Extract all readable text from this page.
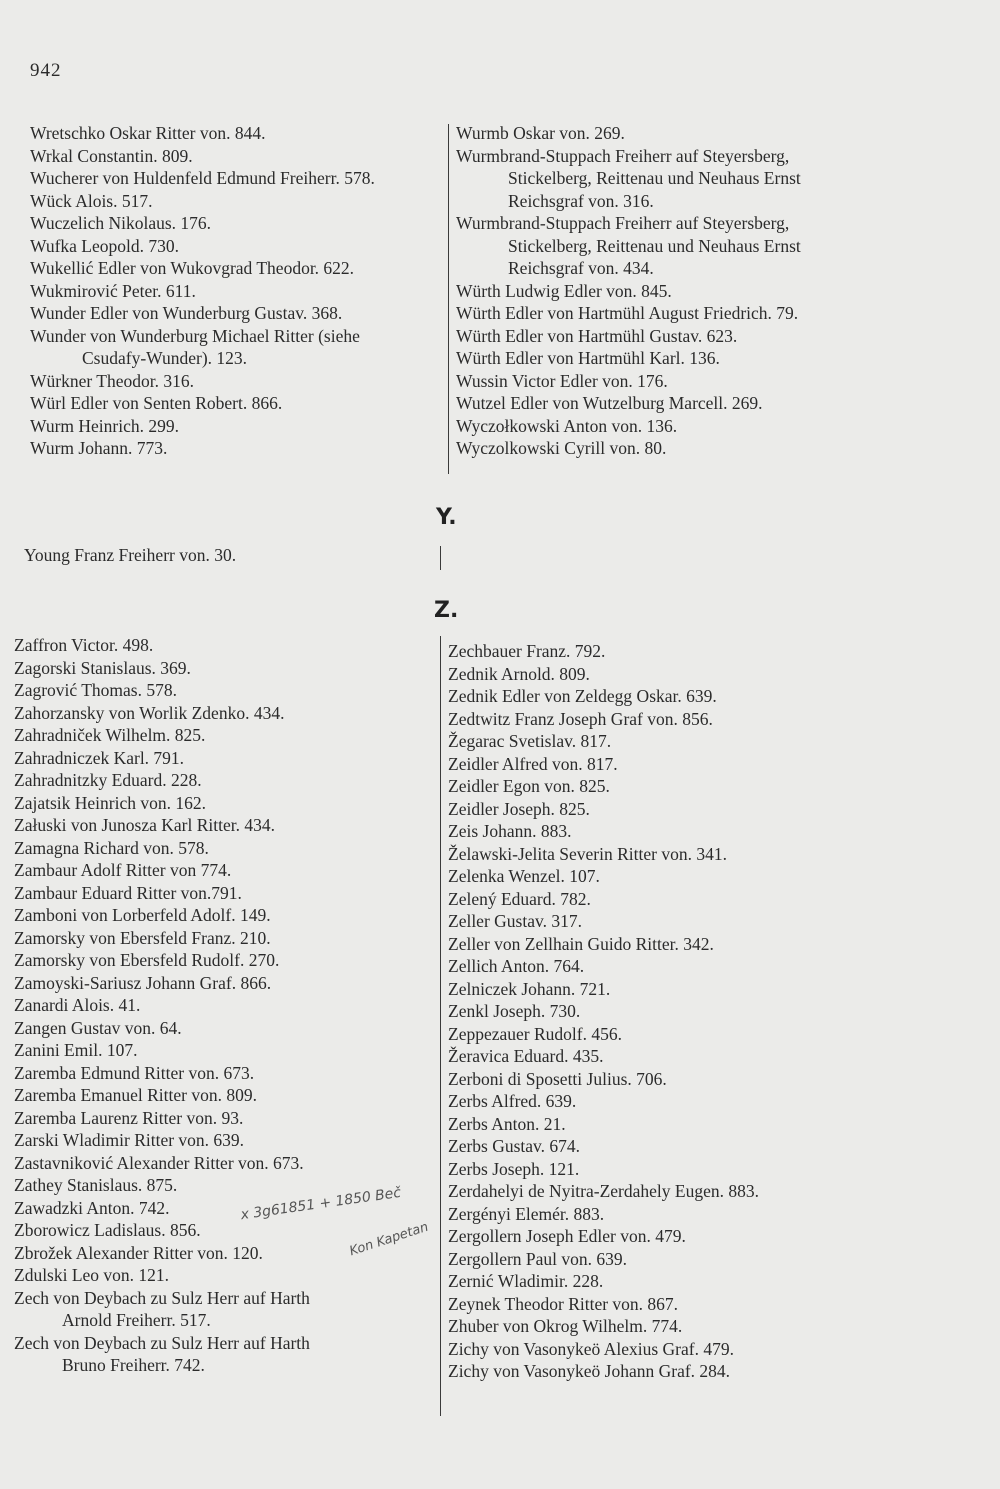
942
Wretschko Oskar Ritter von. 844.
Wrkal Constantin. 809.
Wucherer von Huldenfeld Edmund Freiherr. 578.
Wück Alois. 517.
Wuczelich Nikolaus. 176.
Wufka Leopold. 730.
Wukellić Edler von Wukovgrad Theodor. 622.
Wukmirović Peter. 611.
Wunder Edler von Wunderburg Gustav. 368.
Wunder von Wunderburg Michael Ritter (siehe
Csudafy-Wunder). 123.
Würkner Theodor. 316.
Würl Edler von Senten Robert. 866.
Wurm Heinrich. 299.
Wurm Johann. 773.
Wurmb Oskar von. 269.
Wurmbrand-Stuppach Freiherr auf Steyersberg,
Stickelberg, Reittenau und Neuhaus Ernst
Reichsgraf von. 316.
Wurmbrand-Stuppach Freiherr auf Steyersberg,
Stickelberg, Reittenau und Neuhaus Ernst
Reichsgraf von. 434.
Würth Ludwig Edler von. 845.
Würth Edler von Hartmühl August Friedrich. 79.
Würth Edler von Hartmühl Gustav. 623.
Würth Edler von Hartmühl Karl. 136.
Wussin Victor Edler von. 176.
Wutzel Edler von Wutzelburg Marcell. 269.
Wyczołkowski Anton von. 136.
Wyczolkowski Cyrill von. 80.
Y.
Young Franz Freiherr von. 30.
Z.
Zaffron Victor. 498.
Zagorski Stanislaus. 369.
Zagrović Thomas. 578.
Zahorzansky von Worlik Zdenko. 434.
Zahradniček Wilhelm. 825.
Zahradniczek Karl. 791.
Zahradnitzky Eduard. 228.
Zajatsik Heinrich von. 162.
Załuski von Junosza Karl Ritter. 434.
Zamagna Richard von. 578.
Zambaur Adolf Ritter von 774.
Zambaur Eduard Ritter von.791.
Zamboni von Lorberfeld Adolf. 149.
Zamorsky von Ebersfeld Franz. 210.
Zamorsky von Ebersfeld Rudolf. 270.
Zamoyski-Sariusz Johann Graf. 866.
Zanardi Alois. 41.
Zangen Gustav von. 64.
Zanini Emil. 107.
Zaremba Edmund Ritter von. 673.
Zaremba Emanuel Ritter von. 809.
Zaremba Laurenz Ritter von. 93.
Zarski Wladimir Ritter von. 639.
Zastavniković Alexander Ritter von. 673.
Zathey Stanislaus. 875.
Zawadzki Anton. 742.
Zborowicz Ladislaus. 856.
Zbrožek Alexander Ritter von. 120.
Zdulski Leo von. 121.
Zech von Deybach zu Sulz Herr auf Harth
Arnold Freiherr. 517.
Zech von Deybach zu Sulz Herr auf Harth
Bruno Freiherr. 742.
Zechbauer Franz. 792.
Zednik Arnold. 809.
Zednik Edler von Zeldegg Oskar. 639.
Zedtwitz Franz Joseph Graf von. 856.
Žegarac Svetislav. 817.
Zeidler Alfred von. 817.
Zeidler Egon von. 825.
Zeidler Joseph. 825.
Zeis Johann. 883.
Želawski-Jelita Severin Ritter von. 341.
Zelenka Wenzel. 107.
Zelený Eduard. 782.
Zeller Gustav. 317.
Zeller von Zellhain Guido Ritter. 342.
Zellich Anton. 764.
Zelniczek Johann. 721.
Zenkl Joseph. 730.
Zeppezauer Rudolf. 456.
Žeravica Eduard. 435.
Zerboni di Sposetti Julius. 706.
Zerbs Alfred. 639.
Zerbs Anton. 21.
Zerbs Gustav. 674.
Zerbs Joseph. 121.
Zerdahelyi de Nyitra-Zerdahely Eugen. 883.
Zergényi Elemér. 883.
Zergollern Joseph Edler von. 479.
Zergollern Paul von. 639.
Zernić Wladimir. 228.
Zeynek Theodor Ritter von. 867.
Zhuber von Okrog Wilhelm. 774.
Zichy von Vasonykeö Alexius Graf. 479.
Zichy von Vasonykeö Johann Graf. 284.
x 3g61851 + 1850 Beč
Kon Kapetan
